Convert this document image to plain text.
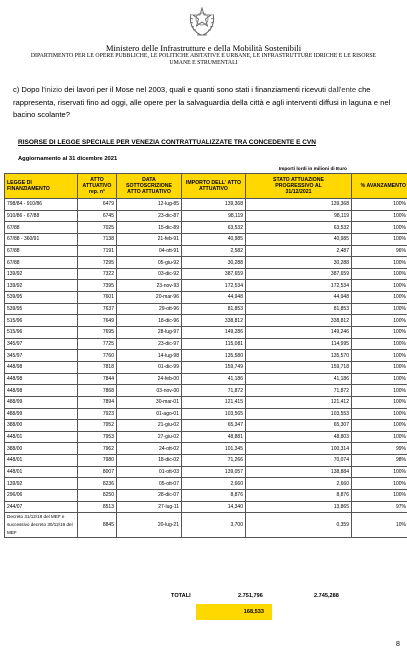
Ministero delle Infrastrutture e della Mobilità Sostenibili
DIPARTIMENTO PER LE OPERE PUBBLICHE, LE POLITICHE ABITATIVE E URBANE, LE INFRASTRUTTURE IDRICHE E LE RISORSE
UMANE E STRUMENTALI
c) Dopo l'inizio dei lavori per il Mose nel 2003, quali e quanti sono stati i finanziamenti ricevuti dall'ente che rappresenta, riservati fino ad oggi, alle opere per la salvaguardia della città e agli interventi diffusi in laguna e nel bacino scolante?
RISORSE DI LEGGE SPECIALE PER VENEZIA CONTRATTUALIZZATE TRA CONCEDENTE E CVN
Aggiornamento al 31 dicembre 2021
Importi lordi in milioni di Euro
LEGGE DI FINANZIAMENTO	ATTO ATTUATIVO rep. n°	DATA SOTTOSCRIZIONE ATTO ATTUATIVO	IMPORTO DELL' ATTO ATTUATIVO	STATO ATTUAZIONE PROGRESSIVO AL 31/12/2021	% AVANZAMENTO

798/84 - 910/86	6479	12-lug-85	139,368	139,368	100%
910/86 - 67/88	6745	23-dic-87	98,119	98,119	100%
67/88	7025	15-dic-89	63,532	63,532	100%
67/88 - 360/91	7138	21-feb-91	40,985	40,985	100%
67/88	7191	04-ott-91	2,582	2,487	96%
67/88	7295	05-giu-92	30,288	30,288	100%
139/92	7322	03-dic-92	387,659	387,659	100%
139/92	7395	23-nov-93	172,534	172,534	100%
539/95	7601	20-mar-96	44,948	44,948	100%
539/95	7637	29-ott-96	81,853	81,853	100%
515/96	7649	18-dic-96	338,812	338,812	100%
515/96	7695	28-lug-97	149,286	149,246	100%
345/97	7725	23-dic-97	115,081	114,995	100%
345/97	7760	14-lug-98	135,580	135,570	100%
448/98	7818	01-dic-99	159,749	159,718	100%
448/98	7844	24-feb-00	41,186	41,186	100%
448/98	7868	03-nov-00	71,872	71,872	100%
488/99	7894	30-mar-01	121,415	121,412	100%
488/99	7923	01-ago-01	103,565	103,553	100%
388/00	7952	21-giu-02	65,347	65,307	100%
448/01	7953	27-giu-02	48,881	48,803	100%
388/00	7962	24-ott-02	101,345	100,314	99%
448/01	7980	18-dic-02	71,266	70,074	98%
448/01	8007	01-ott-03	139,057	138,884	100%
139/92	8236	05-ott-07	2,660	2,660	100%
296/06	8250	28-dic-07	8,876	8,876	100%
244/07	8513	27-lug-11	14,340	13,865	97%
Decreto 31/12/18 del MEF e successivo decreto 30/12/19 del MEF	8845	20-lug-21	3,700	0,359	10%
TOTALI	2.751,796	2.745,288
168,533
8
